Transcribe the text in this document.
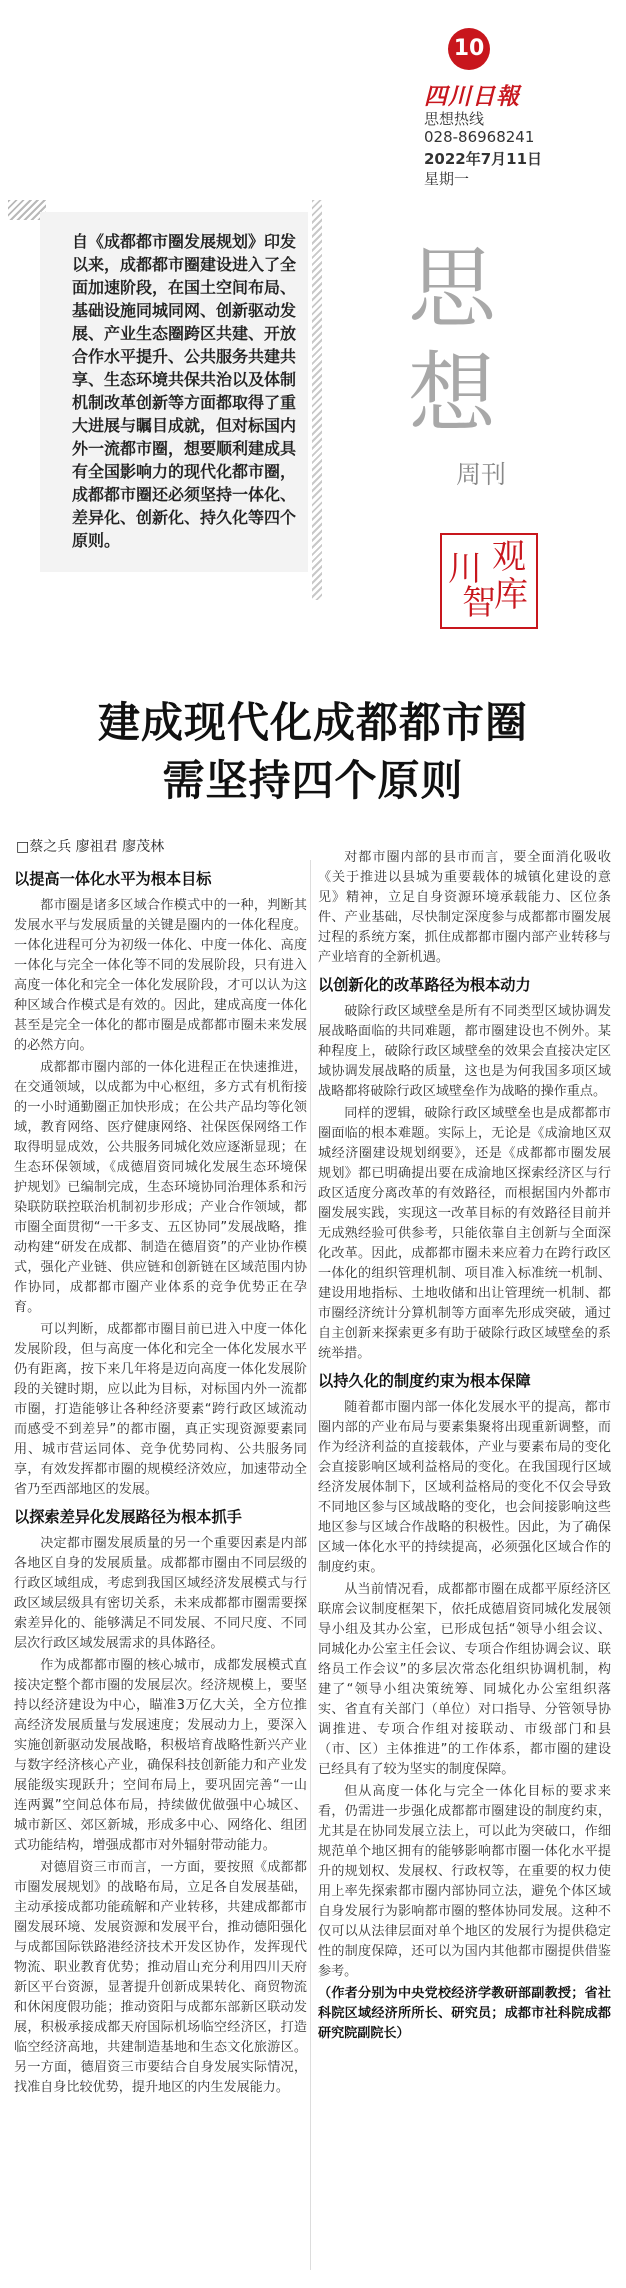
10
四川日報
思想热线
028-86968241
2022年7月11日
星期一
自《成都都市圈发展规划》印发以来，成都都市圈建设进入了全面加速阶段，在国土空间布局、基础设施同城同网、创新驱动发展、产业生态圈跨区共建、开放合作水平提升、公共服务共建共享、生态环境共保共治以及体制机制改革创新等方面都取得了重大进展与瞩目成就，但对标国内外一流都市圈，想要顺利建成具有全国影响力的现代化都市圈，成都都市圈还必须坚持一体化、差异化、创新化、持久化等四个原则。
思
想
周刊
川
智
观
库
建成现代化成都都市圈
需坚持四个原则
□蔡之兵 廖祖君 廖茂林
以提高一体化水平为根本目标

都市圈是诸多区域合作模式中的一种，判断其发展水平与发展质量的关键是圈内的一体化程度。一体化进程可分为初级一体化、中度一体化、高度一体化与完全一体化等不同的发展阶段，只有进入高度一体化和完全一体化发展阶段，才可以认为这种区域合作模式是有效的。因此，建成高度一体化甚至是完全一体化的都市圈是成都都市圈未来发展的必然方向。

成都都市圈内部的一体化进程正在快速推进，在交通领域，以成都为中心枢纽，多方式有机衔接的一小时通勤圈正加快形成；在公共产品均等化领域，教育网络、医疗健康网络、社保医保网络工作取得明显成效，公共服务同城化效应逐渐显现；在生态环保领域，《成德眉资同城化发展生态环境保护规划》已编制完成，生态环境协同治理体系和污染联防联控联治机制初步形成；产业合作领域，都市圈全面贯彻“一干多支、五区协同”发展战略，推动构建“研发在成都、制造在德眉资”的产业协作模式，强化产业链、供应链和创新链在区域范围内协作协同，成都都市圈产业体系的竞争优势正在孕育。

可以判断，成都都市圈目前已进入中度一体化发展阶段，但与高度一体化和完全一体化发展水平仍有距离，按下来几年将是迈向高度一体化发展阶段的关键时期，应以此为目标，对标国内外一流都市圈，打造能够让各种经济要素“跨行政区域流动而感受不到差异”的都市圈，真正实现资源要素同用、城市营运同体、竞争优势同构、公共服务同享，有效发挥都市圈的规模经济效应，加速带动全省乃至西部地区的发展。

以探索差异化发展路径为根本抓手

决定都市圈发展质量的另一个重要因素是内部各地区自身的发展质量。成都都市圈由不同层级的行政区域组成，考虑到我国区域经济发展模式与行政区域层级具有密切关系，未来成都都市圈需要探索差异化的、能够满足不同发展、不同尺度、不同层次行政区域发展需求的具体路径。

作为成都都市圈的核心城市，成都发展模式直接决定整个都市圈的发展层次。经济规模上，要坚持以经济建设为中心，瞄准3万亿大关，全方位推高经济发展质量与发展速度；发展动力上，要深入实施创新驱动发展战略，积极培育战略性新兴产业与数字经济核心产业，确保科技创新能力和产业发展能级实现跃升；空间布局上，要巩固完善“一山连两翼”空间总体布局，持续做优做强中心城区、城市新区、郊区新城，形成多中心、网络化、组团式功能结构，增强成都市对外辐射带动能力。

对德眉资三市而言，一方面，要按照《成都都市圈发展规划》的战略布局，立足各自发展基础，主动承接成都功能疏解和产业转移，共建成都都市圈发展环境、发展资源和发展平台，推动德阳强化与成都国际铁路港经济技术开发区协作，发挥现代物流、职业教育优势；推动眉山充分利用四川天府新区平台资源，显著提升创新成果转化、商贸物流和休闲度假功能；推动资阳与成都东部新区联动发展，积极承接成都天府国际机场临空经济区，打造临空经济高地，共建制造基地和生态文化旅游区。另一方面，德眉资三市要结合自身发展实际情况，找准自身比较优势，提升地区的内生发展能力。

对都市圈内部的县市而言，要全面消化吸收《关于推进以县城为重要载体的城镇化建设的意见》精神，立足自身资源环境承载能力、区位条件、产业基础，尽快制定深度参与成都都市圈发展过程的系统方案，抓住成都都市圈内部产业转移与产业培育的全新机遇。

以创新化的改革路径为根本动力

破除行政区域壁垒是所有不同类型区域协调发展战略面临的共同难题，都市圈建设也不例外。某种程度上，破除行政区域壁垒的效果会直接决定区域协调发展战略的质量，这也是为何我国多项区域战略都将破除行政区域壁垒作为战略的操作重点。

同样的逻辑，破除行政区域壁垒也是成都都市圈面临的根本难题。实际上，无论是《成渝地区双城经济圈建设规划纲要》，还是《成都都市圈发展规划》都已明确提出要在成渝地区探索经济区与行政区适度分离改革的有效路径，而根据国内外都市圈发展实践，实现这一改革目标的有效路径目前并无成熟经验可供参考，只能依靠自主创新与全面深化改革。因此，成都都市圈未来应着力在跨行政区一体化的组织管理机制、项目准入标准统一机制、建设用地指标、土地收储和出让管理统一机制、都市圈经济统计分算机制等方面率先形成突破，通过自主创新来探索更多有助于破除行政区域壁垒的系统举措。

以持久化的制度约束为根本保障

随着都市圈内部一体化发展水平的提高，都市圈内部的产业布局与要素集聚将出现重新调整，而作为经济利益的直接载体，产业与要素布局的变化会直接影响区域利益格局的变化。在我国现行区域经济发展体制下，区域利益格局的变化不仅会导致不同地区参与区域战略的变化，也会间接影响这些地区参与区域合作战略的积极性。因此，为了确保区域一体化水平的持续提高，必须强化区域合作的制度约束。

从当前情况看，成都都市圈在成都平原经济区联席会议制度框架下，依托成德眉资同城化发展领导小组及其办公室，已形成包括“领导小组会议、同城化办公室主任会议、专项合作组协调会议、联络员工作会议”的多层次常态化组织协调机制，构建了“领导小组决策统筹、同城化办公室组织落实、省直有关部门（单位）对口指导、分管领导协调推进、专项合作组对接联动、市级部门和县（市、区）主体推进”的工作体系，都市圈的建设已经具有了较为坚实的制度保障。

但从高度一体化与完全一体化目标的要求来看，仍需进一步强化成都都市圈建设的制度约束，尤其是在协同发展立法上，可以此为突破口，作细规范单个地区拥有的能够影响都市圈一体化水平提升的规划权、发展权、行政权等，在重要的权力使用上率先探索都市圈内部协同立法，避免个体区域自身发展行为影响都市圈的整体协同发展。这种不仅可以从法律层面对单个地区的发展行为提供稳定性的制度保障，还可以为国内其他都市圈提供借鉴参考。

（作者分别为中央党校经济学教研部副教授；省社科院区域经济所所长、研究员；成都市社科院成都研究院副院长）
